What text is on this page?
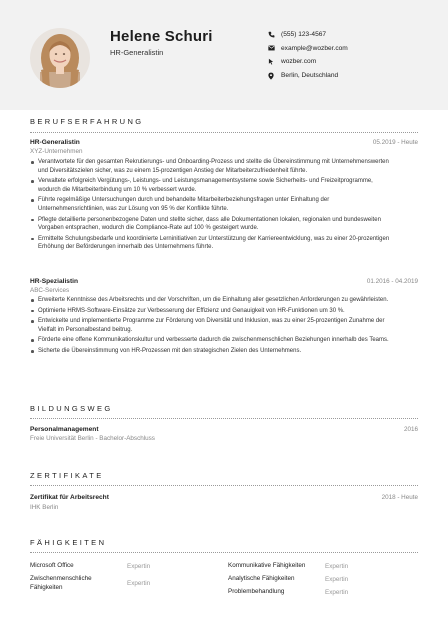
Helene Schuri
HR-Generalistin
(555) 123-4567
example@wozber.com
wozber.com
Berlin, Deutschland
BERUFSERFAHRUNG
HR-Generalistin	05.2019 - Heute
XYZ-Unternehmen
Verantwortete für den gesamten Rekrutierungs- und Onboarding-Prozess und stellte die Übereinstimmung mit Unternehmenswerten und Diversitätszielen sicher, was zu einem 15-prozentigen Anstieg der Mitarbeiterzufriedenheit führte.
Verwaltete erfolgreich Vergütungs-, Leistungs- und Leistungsmanagementsysteme sowie Sicherheits- und Freizeitprogramme, wodurch die Mitarbeiterbindung um 10 % verbessert wurde.
Führte regelmäßige Untersuchungen durch und behandelte Mitarbeiterbeziehungsfragen unter Einhaltung der Unternehmensrichtlinien, was zur Lösung von 95 % der Konflikte führte.
Pflegte detaillierte personenbezogene Daten und stellte sicher, dass alle Dokumentationen lokalen, regionalen und bundesweiten Vorgaben entsprachen, wodurch die Compliance-Rate auf 100 % gesteigert wurde.
Ermittelte Schulungsbedarfe und koordinierte Lerninitiativen zur Unterstützung der Karriereentwicklung, was zu einer 20-prozentigen Erhöhung der Beförderungen innerhalb des Unternehmens führte.
HR-Spezialistin	01.2016 - 04.2019
ABC-Services
Erweiterte Kenntnisse des Arbeitsrechts und der Vorschriften, um die Einhaltung aller gesetzlichen Anforderungen zu gewährleisten.
Optimierte HRMS-Software-Einsätze zur Verbesserung der Effizienz und Genauigkeit von HR-Funktionen um 30 %.
Entwickelte und implementierte Programme zur Förderung von Diversität und Inklusion, was zu einer 25-prozentigen Zunahme der Vielfalt im Personalbestand beitrug.
Förderte eine offene Kommunikationskultur und verbesserte dadurch die zwischenmenschlichen Beziehungen innerhalb des Teams.
Sicherte die Übereinstimmung von HR-Prozessen mit den strategischen Zielen des Unternehmens.
BILDUNGSWEG
Personalmanagement	2016
Freie Universität Berlin - Bachelor-Abschluss
ZERTIFIKATE
Zertifikat für Arbeitsrecht	2018 - Heute
IHK Berlin
FÄHIGKEITEN
Microsoft Office	Expertin
Zwischenmenschliche Fähigkeiten
Expertin
Kommunikative Fähigkeiten	Expertin
Analytische Fähigkeiten	Expertin
Problembehandlung	Expertin
